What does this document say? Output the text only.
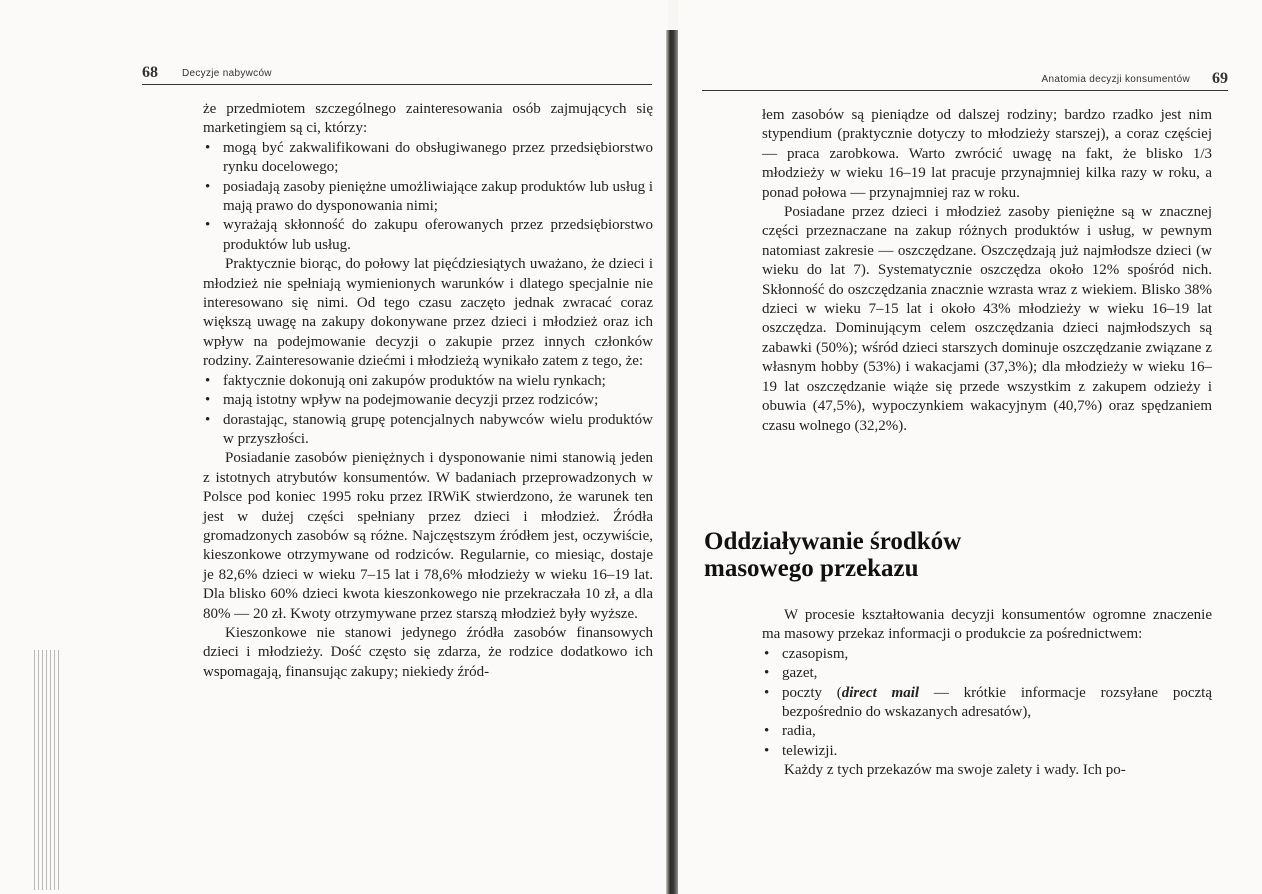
68 Decyzje nabywców

że przedmiotem szczególnego zainteresowania osób zajmujących się marketingiem są ci, którzy:

• mogą być zakwalifikowani do obsługiwanego przez przedsiębiorstwo rynku docelowego;
• posiadają zasoby pieniężne umożliwiające zakup produktów lub usług i mają prawo do dysponowania nimi;
• wyrażają skłonność do zakupu oferowanych przez przedsiębiorstwo produktów lub usług.

Praktycznie biorąc, do połowy lat pięćdziesiątych uważano, że dzieci i młodzież nie spełniają wymienionych warunków i dlatego specjalnie nie interesowano się nimi. Od tego czasu zaczęto jednak zwracać coraz większą uwagę na zakupy dokonywane przez dzieci i młodzież oraz ich wpływ na podejmowanie decyzji o zakupie przez innych członków rodziny. Zainteresowanie dziećmi i młodzieżą wynikało zatem z tego, że:

• faktycznie dokonują oni zakupów produktów na wielu rynkach;
• mają istotny wpływ na podejmowanie decyzji przez rodziców;
• dorastając, stanowią grupę potencjalnych nabywców wielu produktów w przyszłości.

Posiadanie zasobów pieniężnych i dysponowanie nimi stanowią jeden z istotnych atrybutów konsumentów. W badaniach przeprowadzonych w Polsce pod koniec 1995 roku przez IRWiK stwierdzono, że warunek ten jest w dużej części spełniany przez dzieci i młodzież. Źródła gromadzonych zasobów są różne. Najczęstszym źródłem jest, oczywiście, kieszonkowe otrzymywane od rodziców. Regularnie, co miesiąc, dostaje je 82,6% dzieci w wieku 7–15 lat i 78,6% młodzieży w wieku 16–19 lat. Dla blisko 60% dzieci kwota kieszonkowego nie przekraczała 10 zł, a dla 80% — 20 zł. Kwoty otrzymywane przez starszą młodzież były wyższe.

Kieszonkowe nie stanowi jedynego źródła zasobów finansowych dzieci i młodzieży. Dość często się zdarza, że rodzice dodatkowo ich wspomagają, finansując zakupy; niekiedy źród-

Anatomia decyzji konsumentów 69

łem zasobów są pieniądze od dalszej rodziny; bardzo rzadko jest nim stypendium (praktycznie dotyczy to młodzieży starszej), a coraz częściej — praca zarobkowa. Warto zwrócić uwagę na fakt, że blisko 1/3 młodzieży w wieku 16–19 lat pracuje przynajmniej kilka razy w roku, a ponad połowa — przynajmniej raz w roku.

Posiadane przez dzieci i młodzież zasoby pieniężne są w znacznej części przeznaczane na zakup różnych produktów i usług, w pewnym natomiast zakresie — oszczędzane. Oszczędzają już najmłodsze dzieci (w wieku do lat 7). Systematycznie oszczędza około 12% spośród nich. Skłonność do oszczędzania znacznie wzrasta wraz z wiekiem. Blisko 38% dzieci w wieku 7–15 lat i około 43% młodzieży w wieku 16–19 lat oszczędza. Dominującym celem oszczędzania dzieci najmłodszych są zabawki (50%); wśród dzieci starszych dominuje oszczędzanie związane z własnym hobby (53%) i wakacjami (37,3%); dla młodzieży w wieku 16–19 lat oszczędzanie wiąże się przede wszystkim z zakupem odzieży i obuwia (47,5%), wypoczynkiem wakacyjnym (40,7%) oraz spędzaniem czasu wolnego (32,2%).

Oddziaływanie środków masowego przekazu

W procesie kształtowania decyzji konsumentów ogromne znaczenie ma masowy przekaz informacji o produkcie za pośrednictwem:

• czasopism,
• gazet,
• poczty (direct mail — krótkie informacje rozsyłane pocztą bezpośrednio do wskazanych adresatów),
• radia,
• telewizji.

Każdy z tych przekazów ma swoje zalety i wady. Ich po-
